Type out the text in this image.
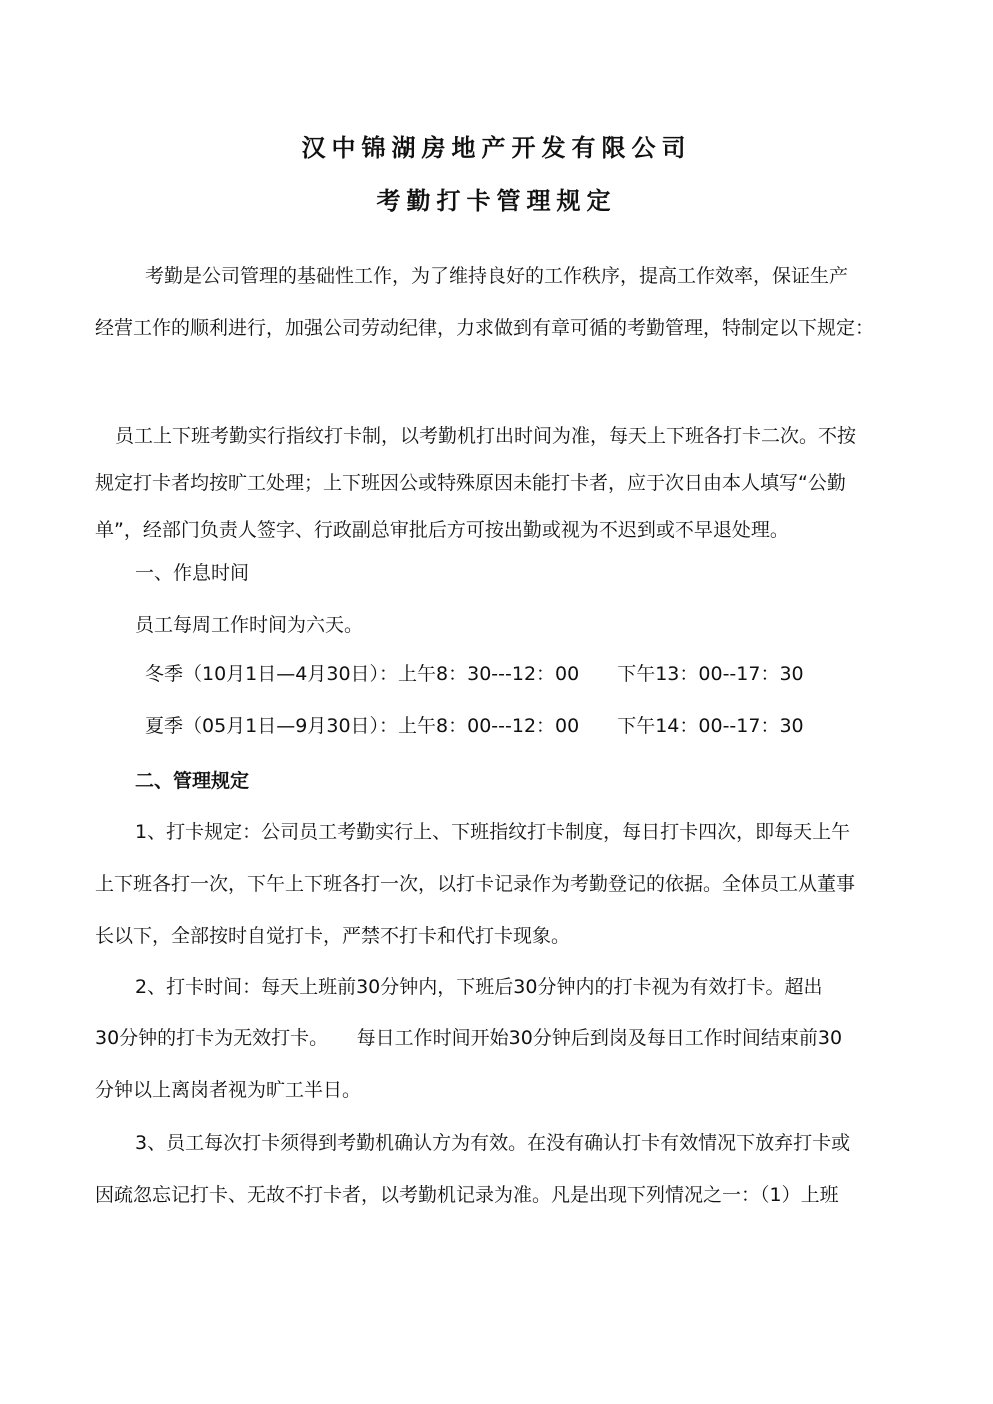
汉中锦湖房地产开发有限公司
考勤打卡管理规定
考勤是公司管理的基础性工作，为了维持良好的工作秩序，提高工作效率，保证生产
经营工作的顺利进行，加强公司劳动纪律，力求做到有章可循的考勤管理，特制定以下规定：
员工上下班考勤实行指纹打卡制，以考勤机打出时间为准，每天上下班各打卡二次。不按
规定打卡者均按旷工处理；上下班因公或特殊原因未能打卡者，应于次日由本人填写“公勤
单”，经部门负责人签字、行政副总审批后方可按出勤或视为不迟到或不早退处理。
一、作息时间
员工每周工作时间为六天。
冬季（10月1日—4月30日）：上午8：30---12：00　　下午13：00--17：30
夏季（05月1日—9月30日）：上午8：00---12：00　　下午14：00--17：30
二、管理规定
1、打卡规定：公司员工考勤实行上、下班指纹打卡制度，每日打卡四次，即每天上午
上下班各打一次，下午上下班各打一次，以打卡记录作为考勤登记的依据。全体员工从董事
长以下，全部按时自觉打卡，严禁不打卡和代打卡现象。
2、打卡时间：每天上班前30分钟内，下班后30分钟内的打卡视为有效打卡。超出
30分钟的打卡为无效打卡。　　每日工作时间开始30分钟后到岗及每日工作时间结束前30
分钟以上离岗者视为旷工半日。
3、员工每次打卡须得到考勤机确认方为有效。在没有确认打卡有效情况下放弃打卡或
因疏忽忘记打卡、无故不打卡者，以考勤机记录为准。凡是出现下列情况之一：（1）上班
